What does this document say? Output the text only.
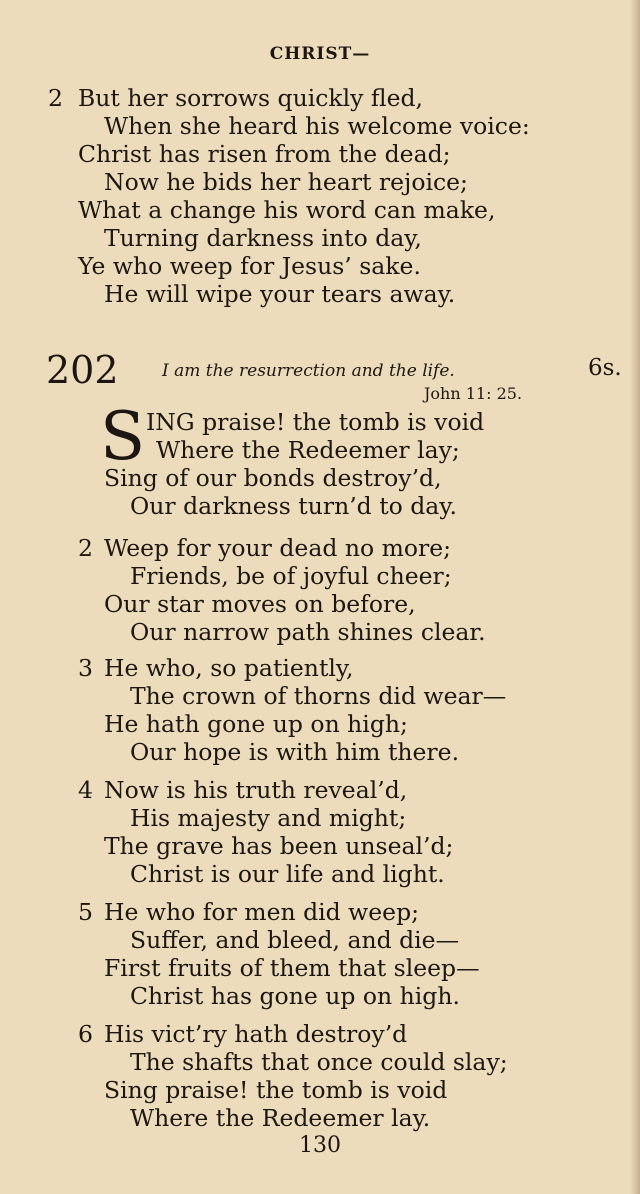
CHRIST—
2 But her sorrows quickly fled,
When she heard his welcome voice:
Christ has risen from the dead;
Now he bids her heart rejoice;
What a change his word can make,
Turning darkness into day,
Ye who weep for Jesus’ sake.
He will wipe your tears away.
202	I am the resurrection and the life.
John 11: 25.
6s.
S ING praise! the tomb is void
Where the Redeemer lay;
Sing of our bonds destroy’d,
Our darkness turn’d to day.
2 Weep for your dead no more;
Friends, be of joyful cheer;
Our star moves on before,
Our narrow path shines clear.
3 He who, so patiently,
The crown of thorns did wear—
He hath gone up on high;
Our hope is with him there.
4 Now is his truth reveal’d,
His majesty and might;
The grave has been unseal’d;
Christ is our life and light.
5 He who for men did weep;
Suffer, and bleed, and die—
First fruits of them that sleep—
Christ has gone up on high.
6 His vict’ry hath destroy’d
The shafts that once could slay;
Sing praise! the tomb is void
Where the Redeemer lay.
130
